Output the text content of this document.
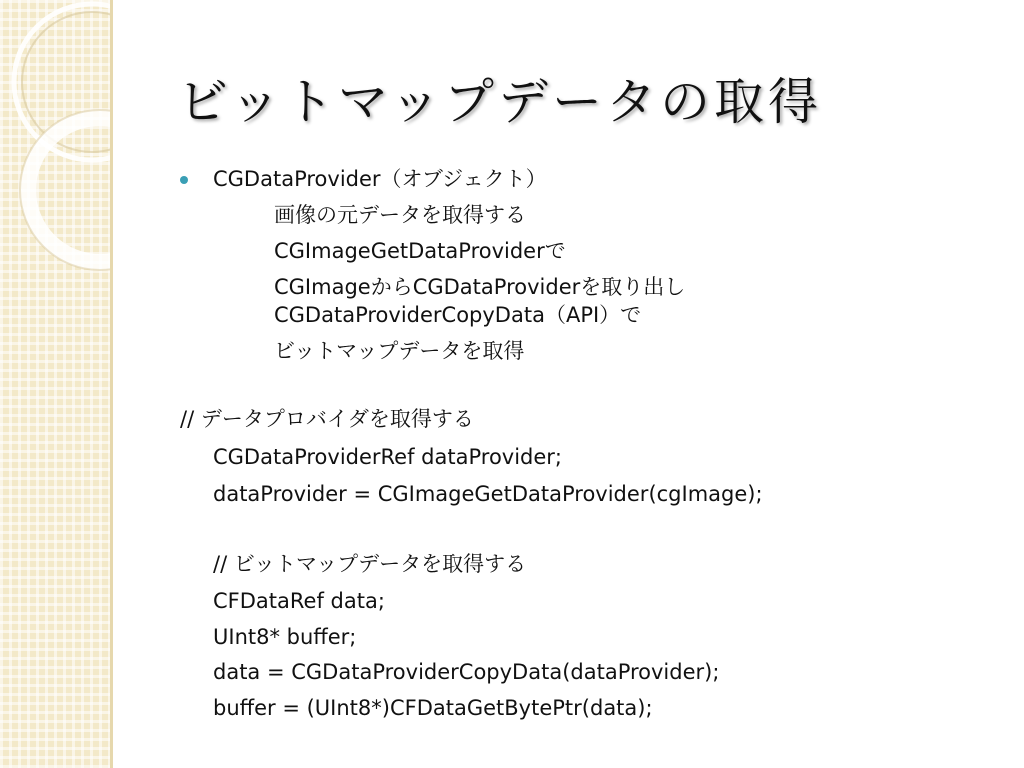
ビットマップデータの取得
CGDataProvider（オブジェクト）
画像の元データを取得する
CGImageGetDataProviderで
CGImageからCGDataProviderを取り出し
CGDataProviderCopyData（API）で
ビットマップデータを取得
// データプロバイダを取得する
CGDataProviderRef dataProvider;
dataProvider = CGImageGetDataProvider(cgImage);
// ビットマップデータを取得する
CFDataRef data;
UInt8* buffer;
data = CGDataProviderCopyData(dataProvider);
buffer = (UInt8*)CFDataGetBytePtr(data);
